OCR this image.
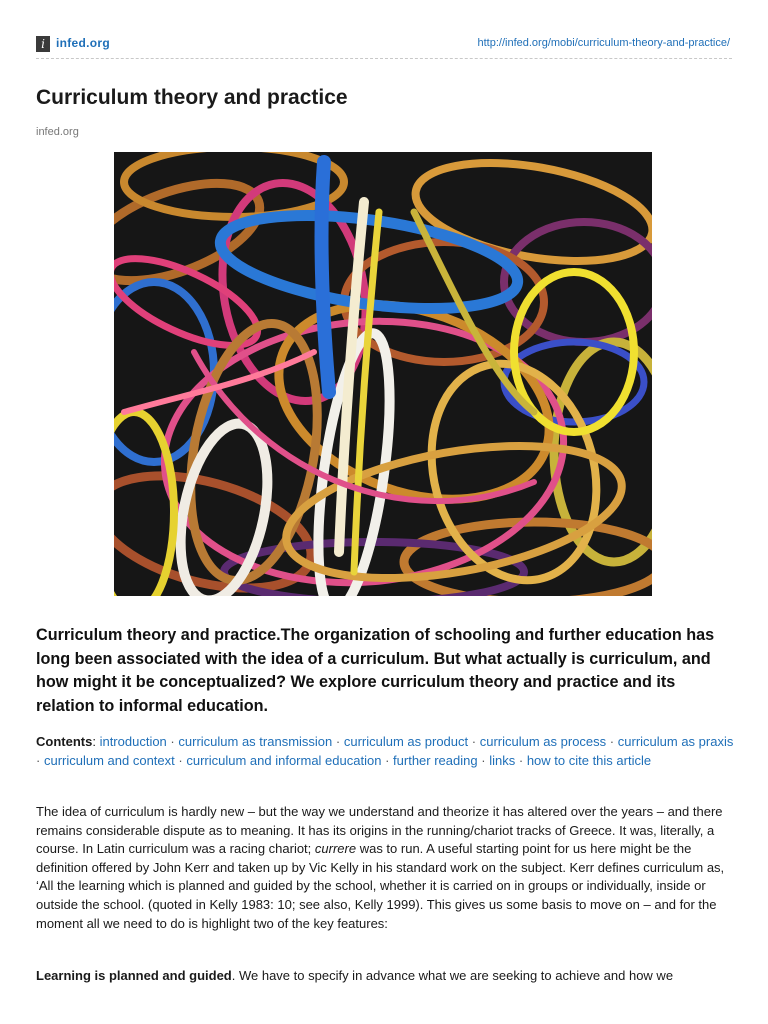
i infed.org	http://infed.org/mobi/curriculum-theory-and-practice/
Curriculum theory and practice
infed.org

Curriculum theory and practice.The organization of schooling and further education has long been associated with the idea of a curriculum. But what actually is curriculum, and how might it be conceptualized? We explore curriculum theory and practice and its relation to informal education.

Contents: introduction · curriculum as transmission · curriculum as product · curriculum as process · curriculum as praxis · curriculum and context · curriculum and informal education · further reading · links · how to cite this article

The idea of curriculum is hardly new – but the way we understand and theorize it has altered over the years – and there remains considerable dispute as to meaning. It has its origins in the running/chariot tracks of Greece. It was, literally, a course. In Latin curriculum was a racing chariot; currere was to run. A useful starting point for us here might be the definition offered by John Kerr and taken up by Vic Kelly in his standard work on the subject. Kerr defines curriculum as, ‘All the learning which is planned and guided by the school, whether it is carried on in groups or individually, inside or outside the school. (quoted in Kelly 1983: 10; see also, Kelly 1999). This gives us some basis to move on – and for the moment all we need to do is highlight two of the key features:

Learning is planned and guided. We have to specify in advance what we are seeking to achieve and how we
